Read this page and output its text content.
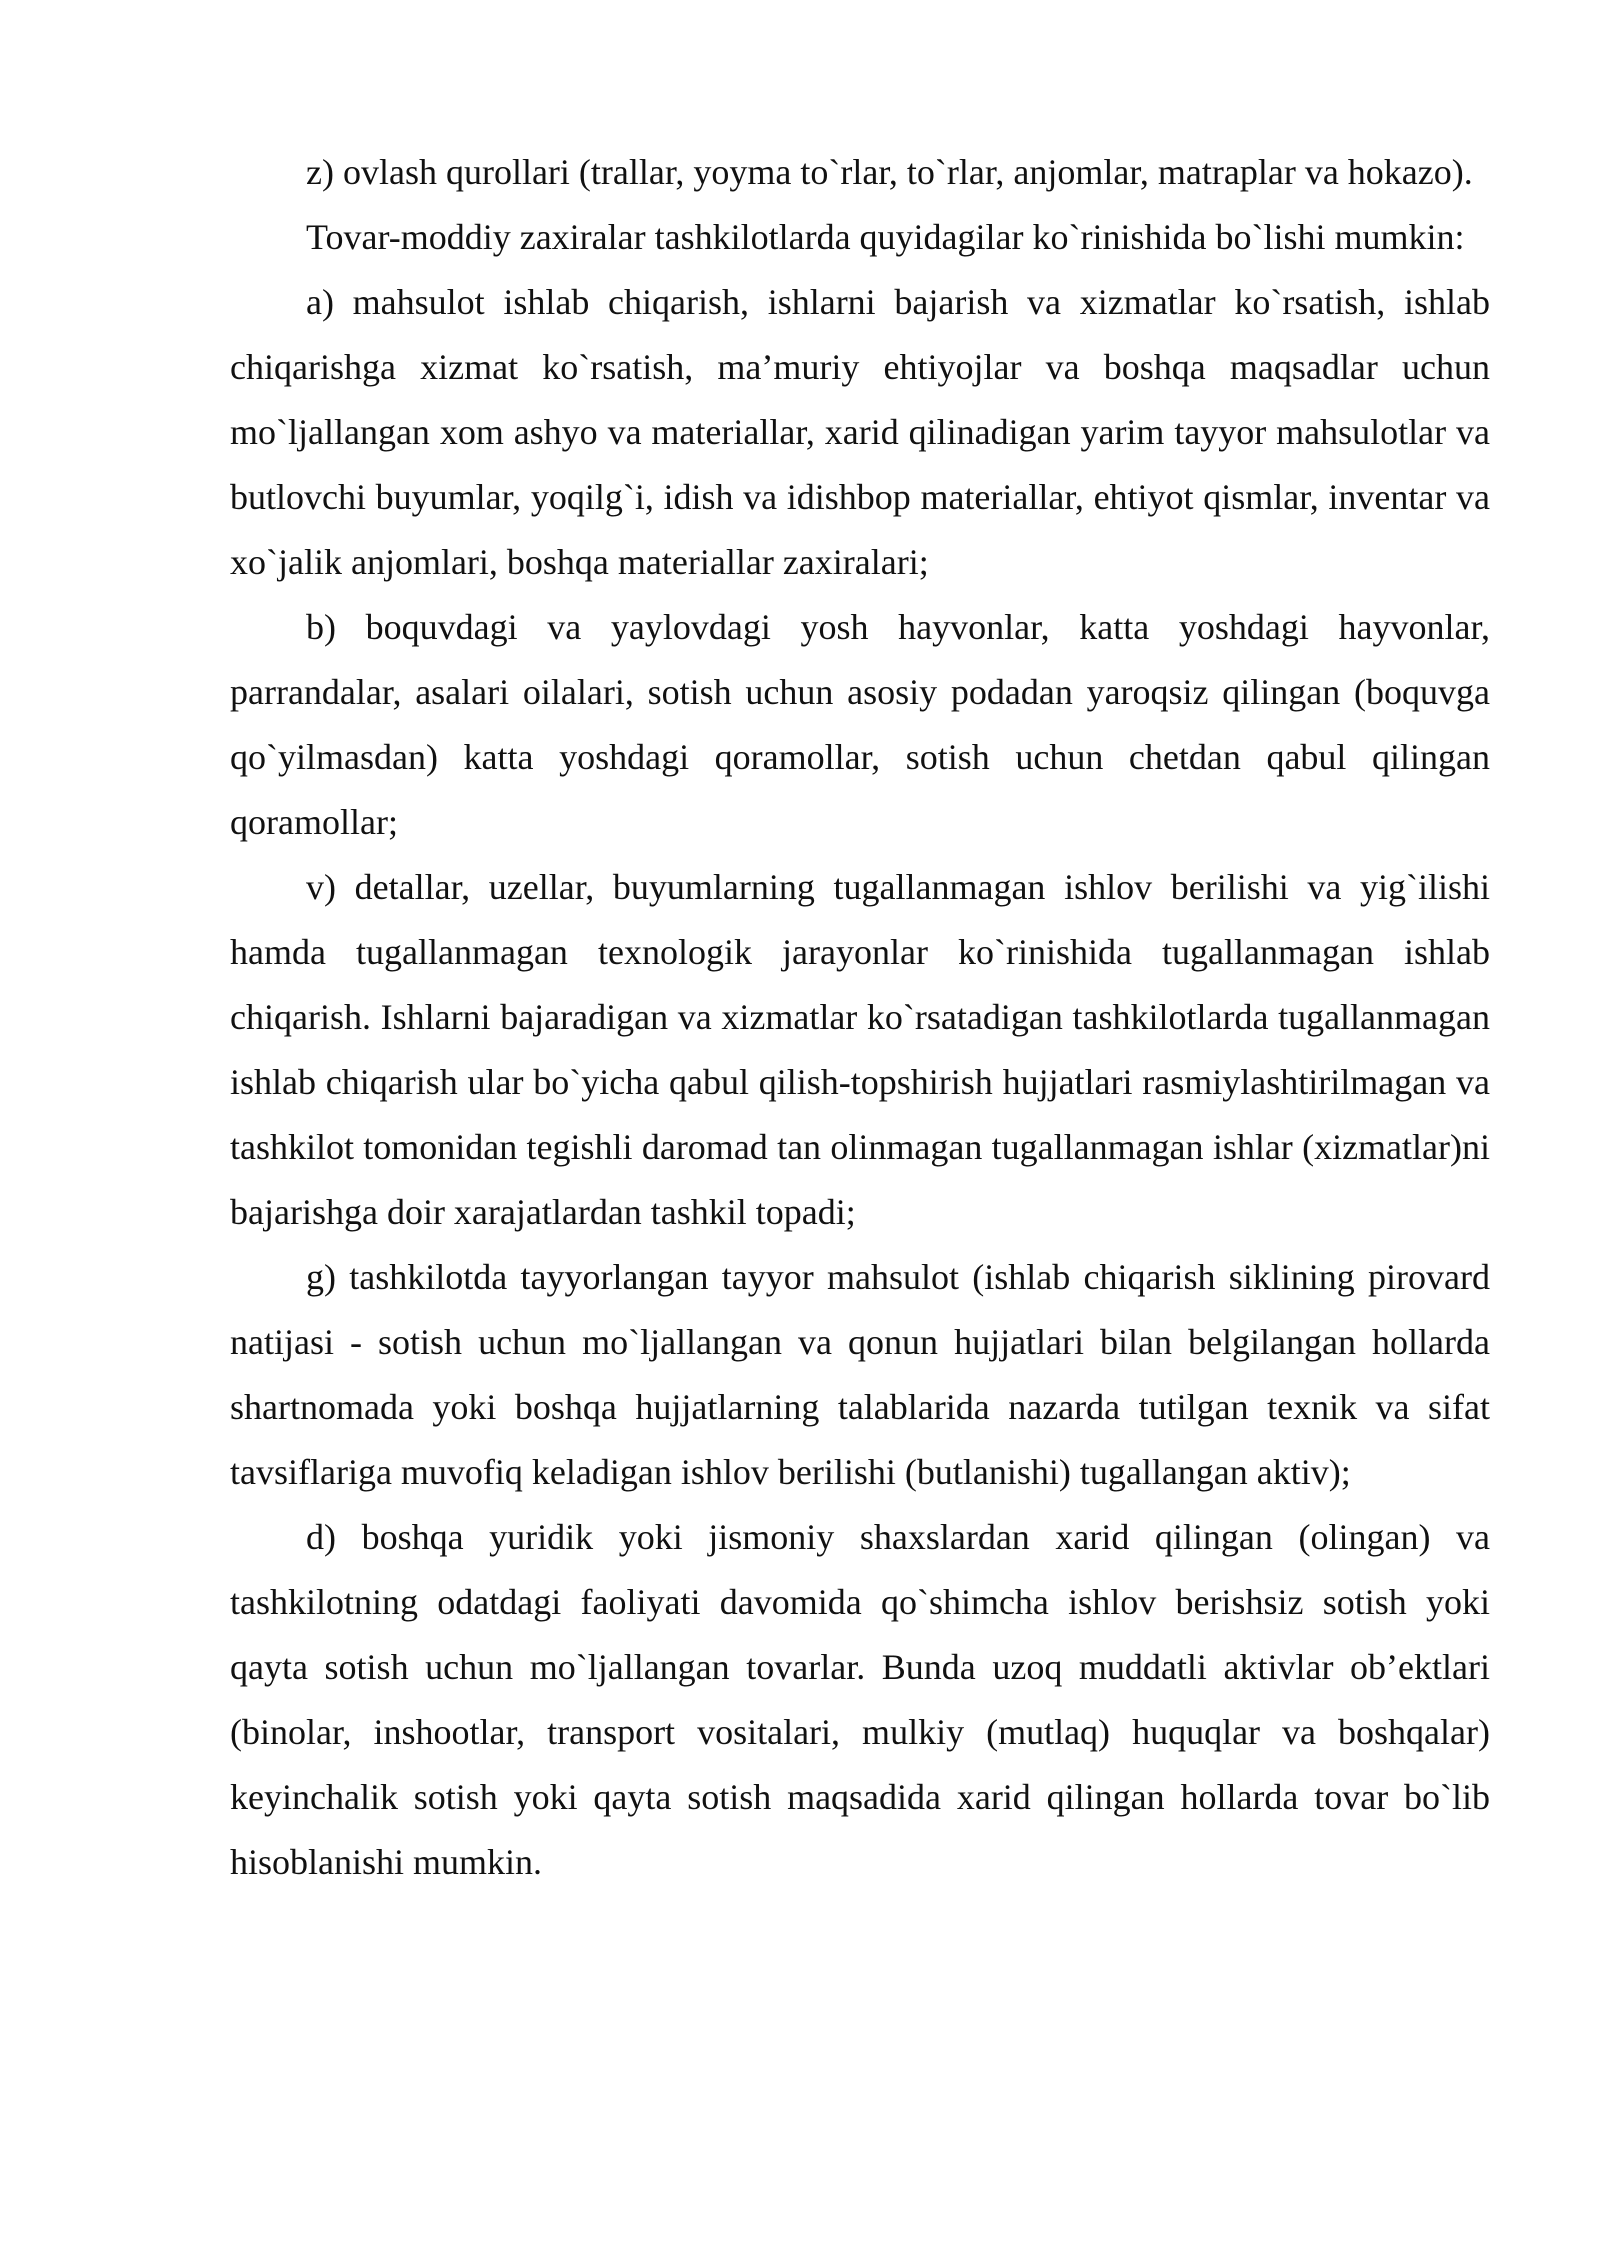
z) ovlash qurollari (trallar, yoyma to`rlar, to`rlar, anjomlar, matraplar va hokazo).

Tovar-moddiy zaxiralar tashkilotlarda quyidagilar ko`rinishida bo`lishi mumkin:

a) mahsulot ishlab chiqarish, ishlarni bajarish va xizmatlar ko`rsatish, ishlab chiqarishga xizmat ko`rsatish, ma’muriy ehtiyojlar va boshqa maqsadlar uchun mo`ljallangan xom ashyo va materiallar, xarid qilinadigan yarim tayyor mahsulotlar va butlovchi buyumlar, yoqilg`i, idish va idishbop materiallar, ehtiyot qismlar, inventar va xo`jalik anjomlari, boshqa materiallar zaxiralari;

b) boquvdagi va yaylovdagi yosh hayvonlar, katta yoshdagi hayvonlar, parrandalar, asalari oilalari, sotish uchun asosiy podadan yaroqsiz qilingan (boquvga qo`yilmasdan) katta yoshdagi qoramollar, sotish uchun chetdan qabul qilingan qoramollar;

v) detallar, uzellar, buyumlarning tugallanmagan ishlov berilishi va yig`ilishi hamda tugallanmagan texnologik jarayonlar ko`rinishida tugallanmagan ishlab chiqarish. Ishlarni bajaradigan va xizmatlar ko`rsatadigan tashkilotlarda tugallanmagan ishlab chiqarish ular bo`yicha qabul qilish-topshirish hujjatlari rasmiylashtirilmagan va tashkilot tomonidan tegishli daromad tan olinmagan tugallanmagan ishlar (xizmatlar)ni bajarishga doir xarajatlardan tashkil topadi;

g) tashkilotda tayyorlangan tayyor mahsulot (ishlab chiqarish siklining pirovard natijasi - sotish uchun mo`ljallangan va qonun hujjatlari bilan belgilangan hollarda shartnomada yoki boshqa hujjatlarning talablarida nazarda tutilgan texnik va sifat tavsiflariga muvofiq keladigan ishlov berilishi (butlanishi) tugallangan aktiv);

d) boshqa yuridik yoki jismoniy shaxslardan xarid qilingan (olingan) va tashkilotning odatdagi faoliyati davomida qo`shimcha ishlov berishsiz sotish yoki qayta sotish uchun mo`ljallangan tovarlar. Bunda uzoq muddatli aktivlar ob’ektlari (binolar, inshootlar, transport vositalari, mulkiy (mutlaq) huquqlar va boshqalar) keyinchalik sotish yoki qayta sotish maqsadida xarid qilingan hollarda tovar bo`lib hisoblanishi mumkin.
